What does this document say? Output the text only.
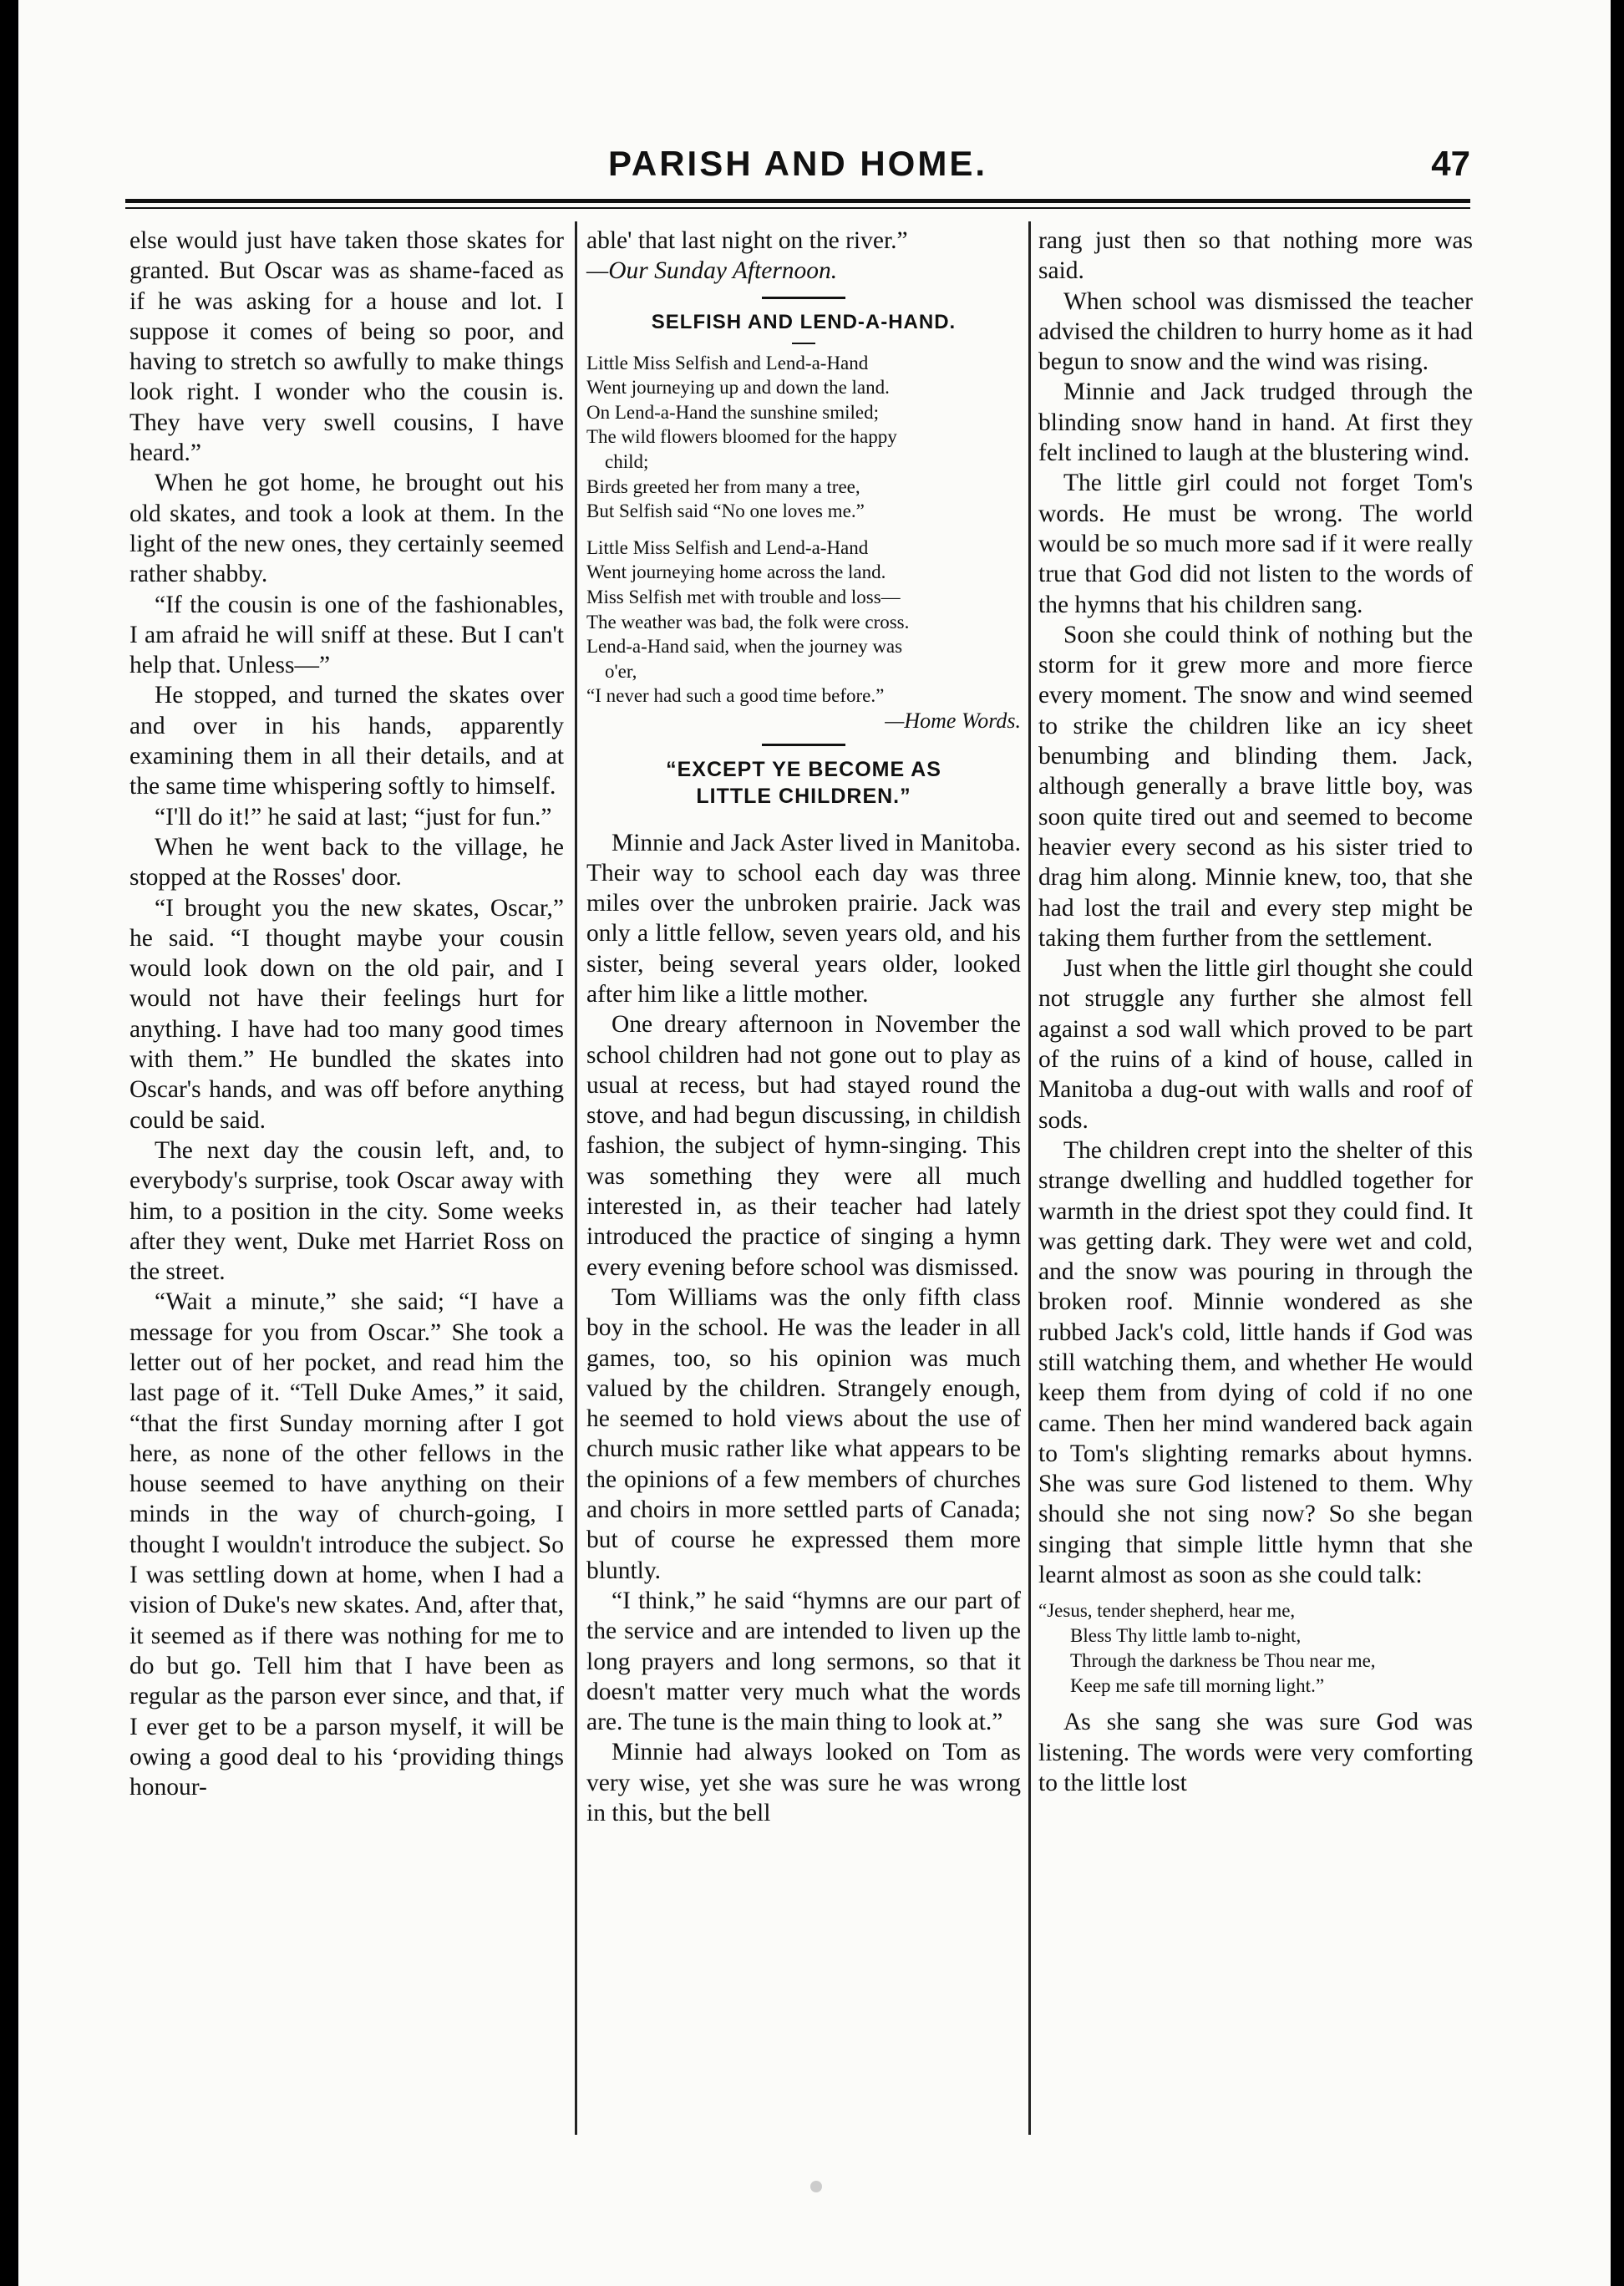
PARISH AND HOME.	47

else would just have taken those skates for granted. But Oscar was as shame-faced as if he was asking for a house and lot. I suppose it comes of being so poor, and having to stretch so awfully to make things look right. I wonder who the cousin is. They have very swell cousins, I have heard.”

When he got home, he brought out his old skates, and took a look at them. In the light of the new ones, they certainly seemed rather shabby.

“If the cousin is one of the fashionables, I am afraid he will sniff at these. But I can't help that. Unless—”

He stopped, and turned the skates over and over in his hands, apparently examining them in all their details, and at the same time whispering softly to himself.

“I'll do it!” he said at last; “just for fun.”

When he went back to the village, he stopped at the Rosses' door.

“I brought you the new skates, Oscar,” he said. “I thought maybe your cousin would look down on the old pair, and I would not have their feelings hurt for anything. I have had too many good times with them.” He bundled the skates into Oscar's hands, and was off before anything could be said.

The next day the cousin left, and, to everybody's surprise, took Oscar away with him, to a position in the city. Some weeks after they went, Duke met Harriet Ross on the street.

“Wait a minute,” she said; “I have a message for you from Oscar.” She took a letter out of her pocket, and read him the last page of it. “Tell Duke Ames,” it said, “that the first Sunday morning after I got here, as none of the other fellows in the house seemed to have anything on their minds in the way of church-going, I thought I wouldn't introduce the subject. So I was settling down at home, when I had a vision of Duke's new skates. And, after that, it seemed as if there was nothing for me to do but go. Tell him that I have been as regular as the parson ever since, and that, if I ever get to be a parson myself, it will be owing a good deal to his ‘providing things honour-

able' that last night on the river.”

—Our Sunday Afternoon.

SELFISH AND LEND-A-HAND.
Little Miss Selfish and Lend-a-Hand
Went journeying up and down the land.
On Lend-a-Hand the sunshine smiled;
The wild flowers bloomed for the happy
child;
Birds greeted her from many a tree,
But Selfish said “No one loves me.”
Little Miss Selfish and Lend-a-Hand
Went journeying home across the land.
Miss Selfish met with trouble and loss—
The weather was bad, the folk were cross.
Lend-a-Hand said, when the journey was
o'er,
“I never had such a good time before.”
—Home Words.
“EXCEPT YE BECOME AS
LITTLE CHILDREN.”

Minnie and Jack Aster lived in Manitoba. Their way to school each day was three miles over the unbroken prairie. Jack was only a little fellow, seven years old, and his sister, being several years older, looked after him like a little mother.

One dreary afternoon in November the school children had not gone out to play as usual at recess, but had stayed round the stove, and had begun discussing, in childish fashion, the subject of hymn-singing. This was something they were all much interested in, as their teacher had lately introduced the practice of singing a hymn every evening before school was dismissed.

Tom Williams was the only fifth class boy in the school. He was the leader in all games, too, so his opinion was much valued by the children. Strangely enough, he seemed to hold views about the use of church music rather like what appears to be the opinions of a few members of churches and choirs in more settled parts of Canada; but of course he expressed them more bluntly.

“I think,” he said “hymns are our part of the service and are intended to liven up the long prayers and long sermons, so that it doesn't matter very much what the words are. The tune is the main thing to look at.”

Minnie had always looked on Tom as very wise, yet she was sure he was wrong in this, but the bell

rang just then so that nothing more was said.

When school was dismissed the teacher advised the children to hurry home as it had begun to snow and the wind was rising.

Minnie and Jack trudged through the blinding snow hand in hand. At first they felt inclined to laugh at the blustering wind.

The little girl could not forget Tom's words. He must be wrong. The world would be so much more sad if it were really true that God did not listen to the words of the hymns that his children sang.

Soon she could think of nothing but the storm for it grew more and more fierce every moment. The snow and wind seemed to strike the children like an icy sheet benumbing and blinding them. Jack, although generally a brave little boy, was soon quite tired out and seemed to become heavier every second as his sister tried to drag him along. Minnie knew, too, that she had lost the trail and every step might be taking them further from the settlement.

Just when the little girl thought she could not struggle any further she almost fell against a sod wall which proved to be part of the ruins of a kind of house, called in Manitoba a dug-out with walls and roof of sods.

The children crept into the shelter of this strange dwelling and huddled together for warmth in the driest spot they could find. It was getting dark. They were wet and cold, and the snow was pouring in through the broken roof. Minnie wondered as she rubbed Jack's cold, little hands if God was still watching them, and whether He would keep them from dying of cold if no one came. Then her mind wandered back again to Tom's slighting remarks about hymns. She was sure God listened to them. Why should she not sing now? So she began singing that simple little hymn that she learnt almost as soon as she could talk:

“Jesus, tender shepherd, hear me,
Bless Thy little lamb to-night,
Through the darkness be Thou near me,
Keep me safe till morning light.”

As she sang she was sure God was listening. The words were very comforting to the little lost
